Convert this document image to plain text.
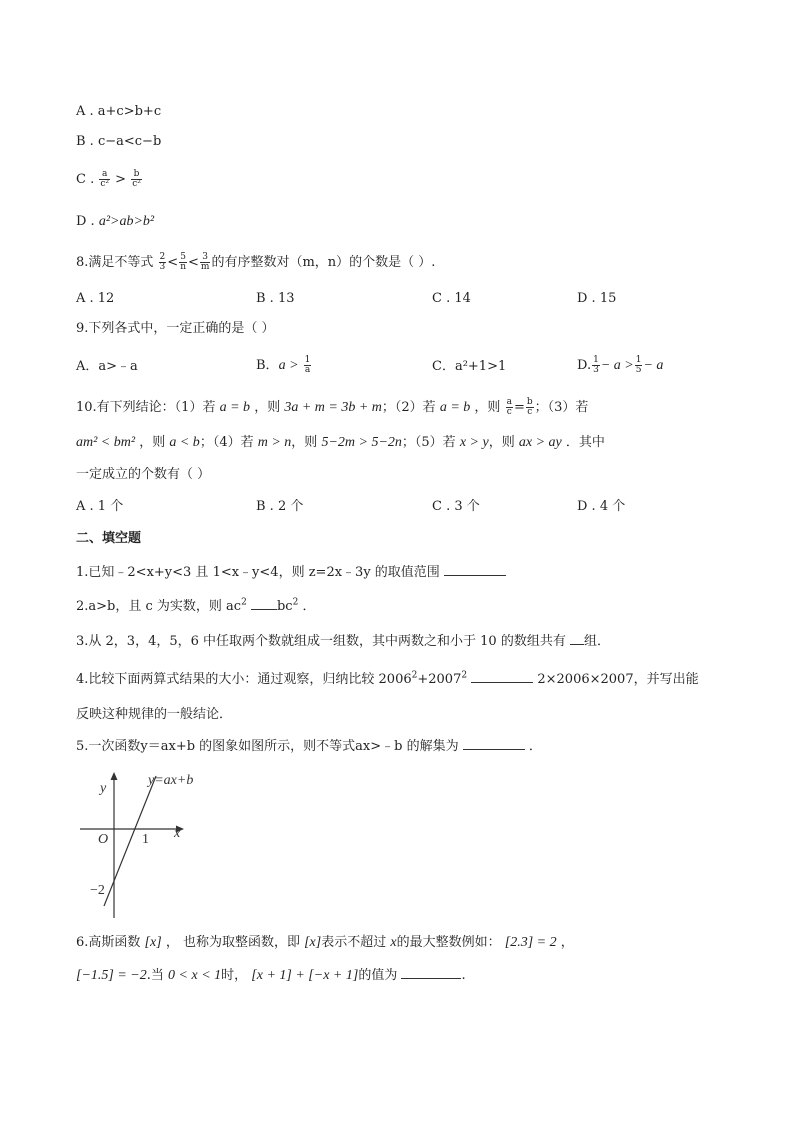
A . a+c>b+c
B . c−a<c−b
C . $\frac{a}{\text{c²}} > \frac{b}{\text{c²}}$
D . a²>ab>b²
8.满足不等式 $\frac{2}{3} < \frac{5}{n} < \frac{3}{m}$ 的有序整数对（m，n）的个数是（ ）.
A . 12	B . 13	C . 14	D . 15
9.下列各式中，一定正确的是（ ）
A．a>﹣a	B．$a > \frac{1}{a}$	C．a²+1>1	D. $\frac{1}{3} - a > \frac{1}{5} - a$
10.有下列结论：（1）若 a = b ，则 3a + m = 3b + m；（2）若 a = b ，则 $\frac{a}{c} = \frac{b}{c}$ ；（3）若
am² < bm² ，则 a < b；（4）若 m > n，则 5−2m > 5−2n；（5）若 x > y，则 ax > ay ．其中
一定成立的个数有（ ）
A . 1 个	B . 2 个	C . 3 个	D . 4 个
二、填空题
1.已知﹣2<x+y<3 且 1<x﹣y<4，则 z=2x﹣3y 的取值范围
2.a>b，且 c 为实数，则 $ac^2$ $bc^2$ ．
3.从 2，3，4，5，6 中任取两个数就组成一组数，其中两数之和小于 10 的数组共有 组．
4.比较下面两算式结果的大小：通过观察，归纳比较 $2006^2+2007^2$	2×2006×2007，并写出能
反映这种规律的一般结论．
5.一次函数y＝ax+b 的图象如图所示，则不等式ax>﹣b 的解集为	．
y
x
O 1
−2
y=ax+b
6.高斯函数 [x] ， 也称为取整函数，即 [x]表示不超过 x的最大整数例如： [2.3] = 2 ，
[−1.5] = −2.当 0 < x < 1时， [x + 1] + [−x + 1]的值为	.
